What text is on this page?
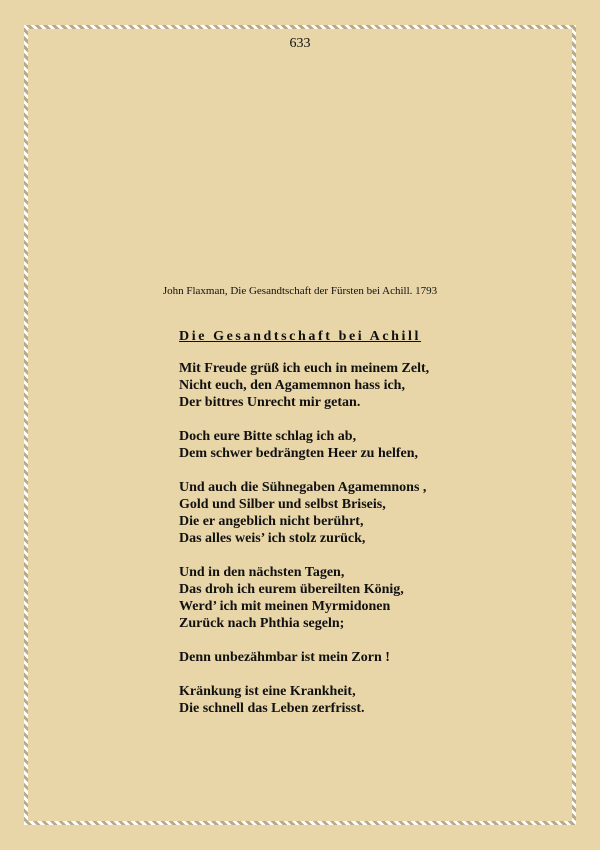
633
John Flaxman, Die Gesandtschaft der Fürsten bei Achill. 1793
Die Gesandtschaft bei Achill
Mit Freude grüß ich euch in meinem Zelt,
Nicht euch, den Agamemnon hass ich,
Der bittres Unrecht mir getan.
Doch eure Bitte schlag ich ab,
Dem schwer bedrängten Heer zu helfen,
Und auch die Sühnegaben Agamemnons ,
Gold und Silber und selbst Briseis,
Die er angeblich nicht berührt,
Das alles weis’ ich stolz zurück,
Und in den nächsten Tagen,
Das droh ich eurem übereilten König,
Werd’ ich mit meinen Myrmidonen
Zurück nach Phthia segeln;
Denn unbezähmbar ist mein Zorn !
Kränkung ist eine Krankheit,
Die schnell das Leben zerfrisst.
